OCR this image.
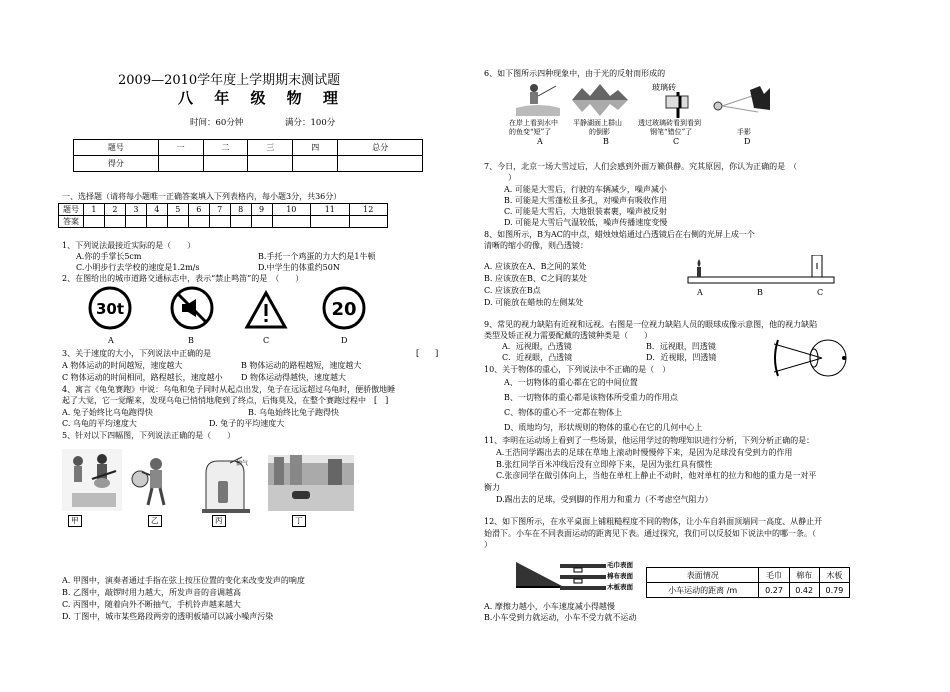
2009—2010学年度上学期期末测试题
八 年 级 物 理
时间：60分钟	满分：100分
题号	一	二	三	四	总分
得分					
一、选择题（请将每小题唯一正确答案填入下列表格内，每小题3分，共36分）
题号	1	2	3	4	5	6	7	8	9	10	11	12
答案												
1、下列说法最接近实际的是（　　）
A.你的手掌长5cm	B.手托一个鸡蛋的力大约是1牛顿
C.小明步行去学校的速度是1.2m/s	D.中学生的体重约50N
2、在图给出的城市道路交通标志中，表示“禁止鸣笛”的是　（　　）
30t	20
A	B	C	D
3、关于速度的大小，下列说法中正确的是	[　　]
A 物体运动的时间越短，速度越大	B 物体运动的路程越短，速度越大
C 物体运动的时间相同，路程越长，速度越小 D 物体运动得越快，速度越大
4、寓言《龟兔赛跑》中说：乌龟和兔子同时从起点出发，兔子在远远超过乌龟时，便骄傲地睡
起了大觉，它一觉醒来，发现乌龟已悄悄地爬到了终点，后悔莫及，在整个赛跑过程中　[　]
A. 兔子始终比乌龟跑得快	B. 乌龟始终比兔子跑得快
C. 乌龟的平均速度大	D. 兔子的平均速度大
5、针对以下四幅图，下列说法正确的是（　　）
抽气
甲	乙	丙	丁
A. 甲图中，演奏者通过手指在弦上按压位置的变化来改变发声的响度
B. 乙图中，敲锣时用力越大，所发声音的音调越高
C. 丙图中，随着向外不断抽气，手机铃声越来越大
D. 丁图中，城市某些路段两旁的透明板墙可以减小噪声污染
6、如下图所示四种现象中，由于光的反射而形成的
玻璃砖
在岸上看到水中
的鱼变“短”了
平静湖面上群山
的倒影
透过玻璃砖看到看到
钢笔“错位”了	手影
A	B	C	D
7、今日，北京一场大雪过后，人们会感到外面万籁俱静。究其原因，你认为正确的是　（
）
A. 可能是大雪后，行驶的车辆减少，噪声减小
B. 可能是大雪蓬松且多孔，对噪声有吸收作用
C. 可能是大雪后，大地银装素裹，噪声被反射
D. 可能是大雪后气温较低，噪声传播速度变慢
8、如图所示，B为AC的中点，蜡烛烛焰通过凸透镜后在右侧的光屏上成一个
清晰的缩小的像，则凸透镜：
A. 应该放在A、B之间的某处
B. 应该放在B、C之间的某处
C. 应该放在B点
D. 可能放在蜡烛的左侧某处
A	B	C
9、常见的视力缺陷有近视和远视。右图是一位视力缺陷人员的眼球成像示意图，他的视力缺陷
类型及矫正视力需要配戴的透镜种类是（　　）
A．远视眼，凸透镜	B．远视眼，凹透镜
C．近视眼，凸透镜	D．近视眼，凹透镜
10、关于物体的重心，下列说法中不正确的是（　）
A、一切物体的重心都在它的中间位置
B、一切物体的重心都是该物体所受重力的作用点
C、物体的重心不一定都在物体上
D、质地均匀，形状规则的物体的重心在它的几何中心上
11、李明在运动场上看到了一些场景，他运用学过的物理知识进行分析，下列分析正确的是：
A.王浩同学踢出去的足球在草地上滚动时慢慢停下来，是因为足球没有受到力的作用
B.张红同学百米冲线后没有立即停下来，是因为张红具有惯性
C.张彦同学在做引体向上，当他在单杠上静止不动时，他对单杠的拉力和他的重力是一对平
衡力
D.踢出去的足球，受到脚的作用力和重力（不考虑空气阻力）
12、如下图所示，在水平桌面上铺粗糙程度不同的物体，让小车自斜面顶端同一高度、从静止开
始滑下。小车在不同表面运动的距离见下表。通过探究，我们可以反驳如下说法中的哪一条。（
）
毛巾表面
棉布表面
木板表面
表面情况	毛巾	棉布	木板
小车运动的距离 /m	0.27	0.42	0.79
A. 摩擦力越小，小车速度减小得越慢
B.小车受到力就运动，小车不受力就不运动
